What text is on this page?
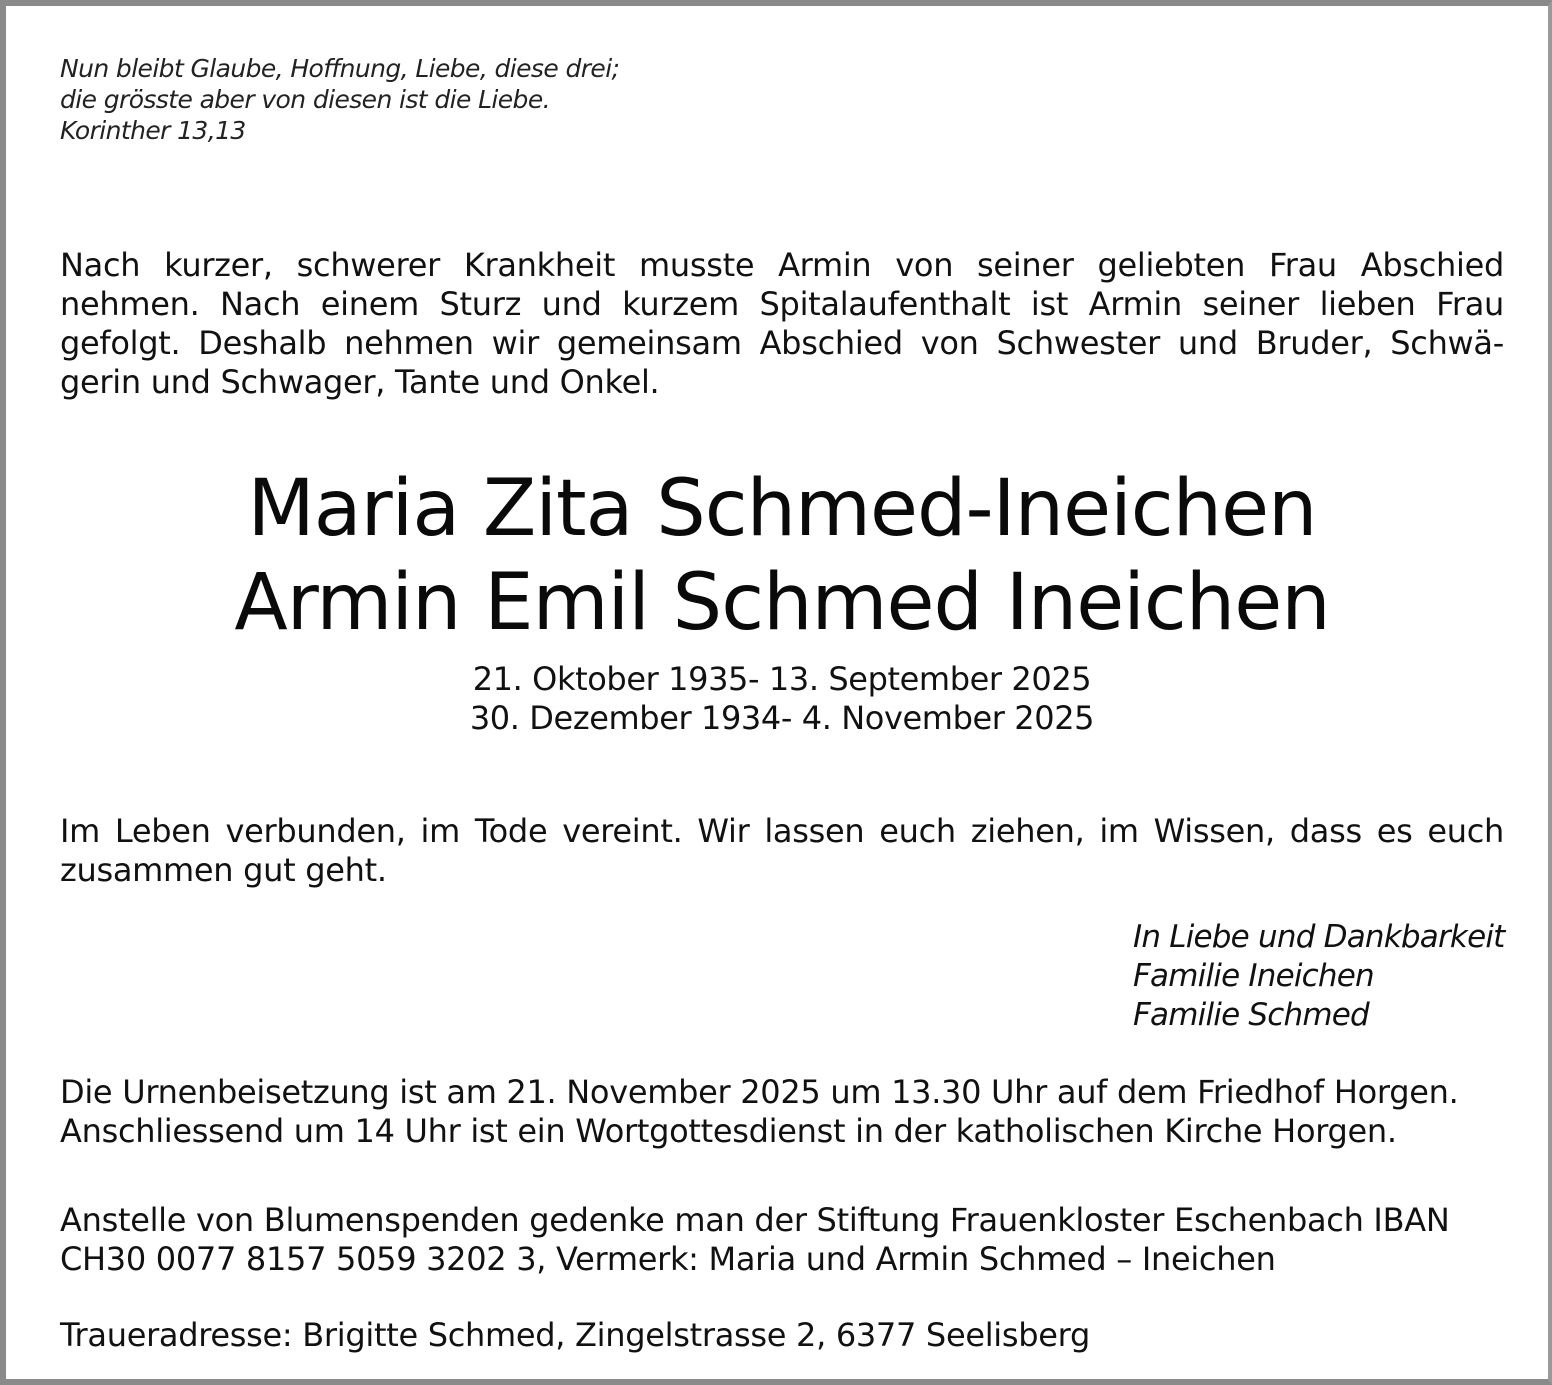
Nun bleibt Glaube, Hoffnung, Liebe, diese drei;
die grösste aber von diesen ist die Liebe.
Korinther 13,13
Nach kurzer, schwerer Krankheit musste Armin von seiner geliebten Frau Abschied nehmen. Nach einem Sturz und kurzem Spitalaufenthalt ist Armin seiner lieben Frau gefolgt. Deshalb nehmen wir gemeinsam Abschied von Schwester und Bruder, Schwä-gerin und Schwager, Tante und Onkel.
Maria Zita Schmed-Ineichen
Armin Emil Schmed Ineichen
21. Oktober 1935- 13. September 2025
30. Dezember 1934- 4. November 2025
Im Leben verbunden, im Tode vereint. Wir lassen euch ziehen, im Wissen, dass es euch zusammen gut geht.
In Liebe und Dankbarkeit
Familie Ineichen
Familie Schmed
Die Urnenbeisetzung ist am 21. November 2025 um 13.30 Uhr auf dem Friedhof Horgen.
Anschliessend um 14 Uhr ist ein Wortgottesdienst in der katholischen Kirche Horgen.
Anstelle von Blumenspenden gedenke man der Stiftung Frauenkloster Eschenbach IBAN
CH30 0077 8157 5059 3202 3, Vermerk: Maria und Armin Schmed – Ineichen
Traueradresse: Brigitte Schmed, Zingelstrasse 2, 6377 Seelisberg
